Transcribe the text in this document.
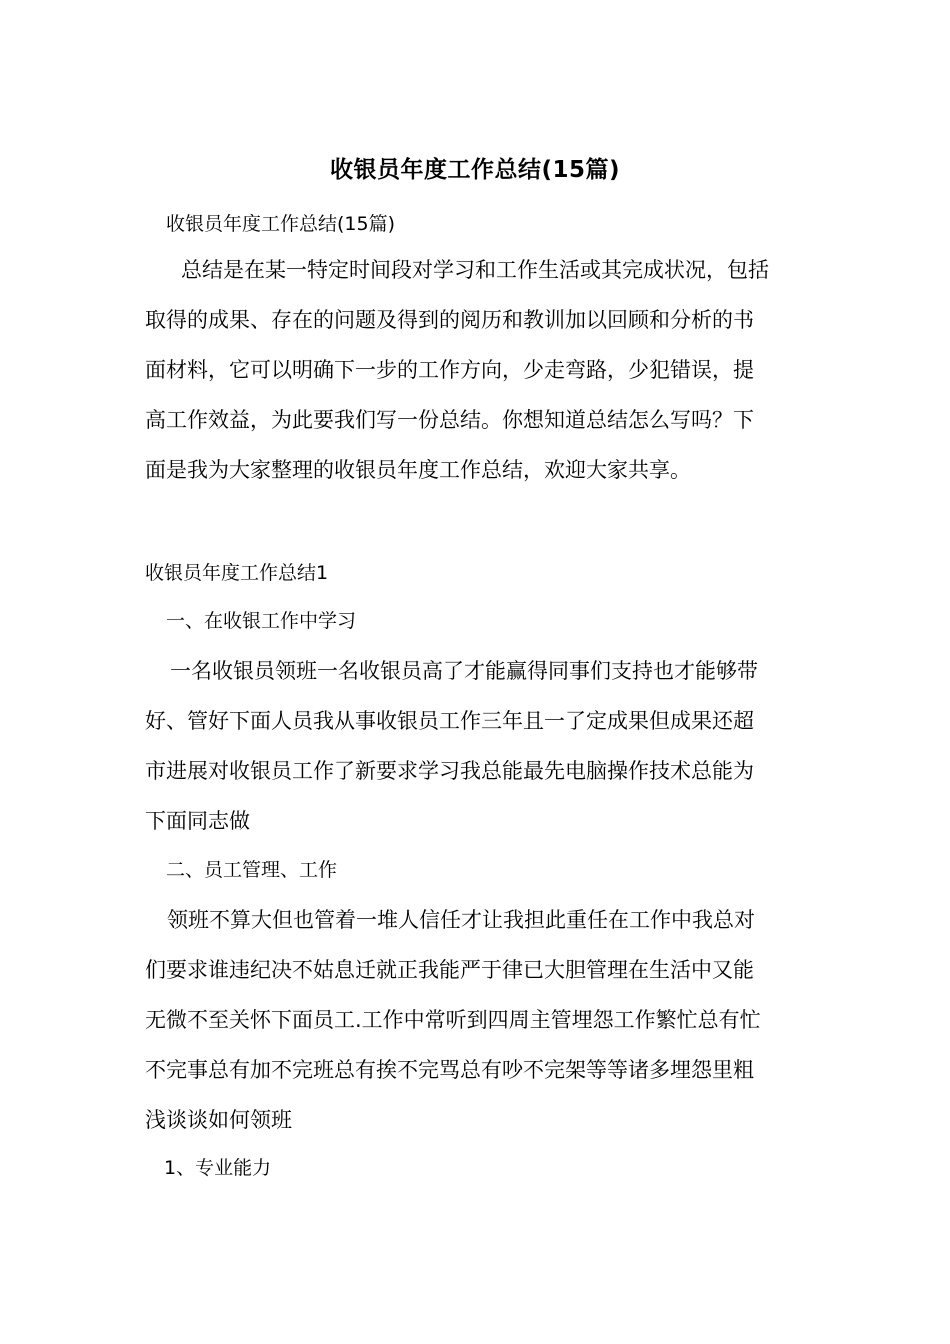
收银员年度工作总结(15篇)
收银员年度工作总结(15篇)
总结是在某一特定时间段对学习和工作生活或其完成状况，包括
取得的成果、存在的问题及得到的阅历和教训加以回顾和分析的书
面材料，它可以明确下一步的工作方向，少走弯路，少犯错误，提
高工作效益，为此要我们写一份总结。你想知道总结怎么写吗？下
面是我为大家整理的收银员年度工作总结，欢迎大家共享。
收银员年度工作总结1
一、在收银工作中学习
一名收银员领班一名收银员高了才能赢得同事们支持也才能够带
好、管好下面人员我从事收银员工作三年且一了定成果但成果还超
市进展对收银员工作了新要求学习我总能最先电脑操作技术总能为
下面同志做
二、员工管理、工作
领班不算大但也管着一堆人信任才让我担此重任在工作中我总对
们要求谁违纪决不姑息迁就正我能严于律已大胆管理在生活中又能
无微不至关怀下面员工.工作中常听到四周主管埋怨工作繁忙总有忙
不完事总有加不完班总有挨不完骂总有吵不完架等等诸多埋怨里粗
浅谈谈如何领班
1、专业能力
